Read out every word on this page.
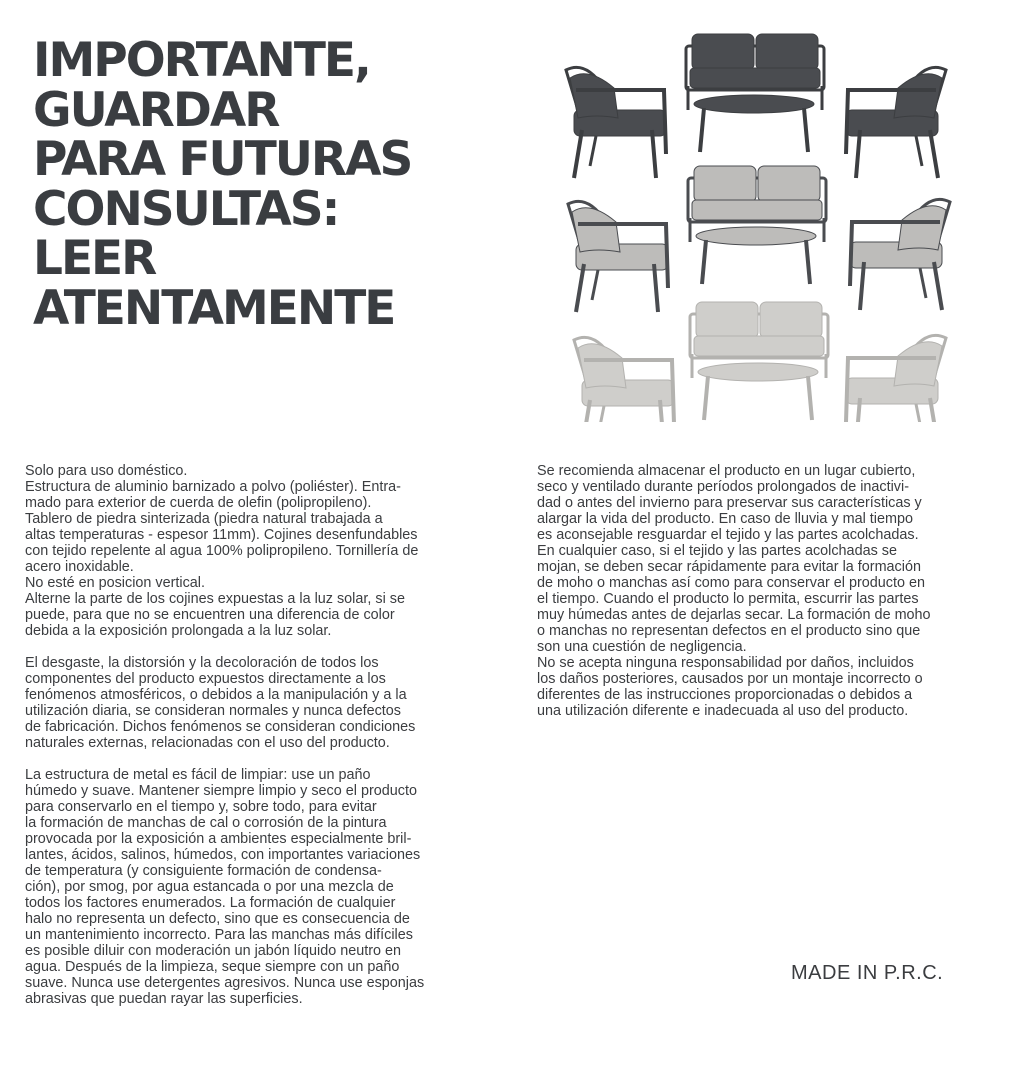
IMPORTANTE,
GUARDAR
PARA FUTURAS
CONSULTAS:
LEER
ATENTAMENTE

Solo para uso doméstico.
Estructura de aluminio barnizado a polvo (poliéster). Entra-
mado para exterior de cuerda de olefin (polipropileno).
Tablero de piedra sinterizada (piedra natural trabajada a
altas temperaturas - espesor 11mm). Cojines desenfundables
con tejido repelente al agua 100% polipropileno. Tornillería de
acero inoxidable.
No esté en posicion vertical.
Alterne la parte de los cojines expuestas a la luz solar, si se
puede, para que no se encuentren una diferencia de color
debida a la exposición prolongada a la luz solar.

El desgaste, la distorsión y la decoloración de todos los
componentes del producto expuestos directamente a los
fenómenos atmosféricos, o debidos a la manipulación y a la
utilización diaria, se consideran normales y nunca defectos
de fabricación. Dichos fenómenos se consideran condiciones
naturales externas, relacionadas con el uso del producto.

La estructura de metal es fácil de limpiar: use un paño
húmedo y suave. Mantener siempre limpio y seco el producto
para conservarlo en el tiempo y, sobre todo, para evitar
la formación de manchas de cal o corrosión de la pintura
provocada por la exposición a ambientes especialmente bril-
lantes, ácidos, salinos, húmedos, con importantes variaciones
de temperatura (y consiguiente formación de condensa-
ción), por smog, por agua estancada o por una mezcla de
todos los factores enumerados. La formación de cualquier
halo no representa un defecto, sino que es consecuencia de
un mantenimiento incorrecto. Para las manchas más difíciles
es posible diluir con moderación un jabón líquido neutro en
agua. Después de la limpieza, seque siempre con un paño
suave. Nunca use detergentes agresivos. Nunca use esponjas
abrasivas que puedan rayar las superficies.

Se recomienda almacenar el producto en un lugar cubierto,
seco y ventilado durante períodos prolongados de inactivi-
dad o antes del invierno para preservar sus características y
alargar la vida del producto. En caso de lluvia y mal tiempo
es aconsejable resguardar el tejido y las partes acolchadas.
En cualquier caso, si el tejido y las partes acolchadas se
mojan, se deben secar rápidamente para evitar la formación
de moho o manchas así como para conservar el producto en
el tiempo. Cuando el producto lo permita, escurrir las partes
muy húmedas antes de dejarlas secar. La formación de moho
o manchas no representan defectos en el producto sino que
son una cuestión de negligencia.
No se acepta ninguna responsabilidad por daños, incluidos
los daños posteriores, causados por un montaje incorrecto o
diferentes de las instrucciones proporcionadas o debidos a
una utilización diferente e inadecuada al uso del producto.

MADE IN P.R.C.
